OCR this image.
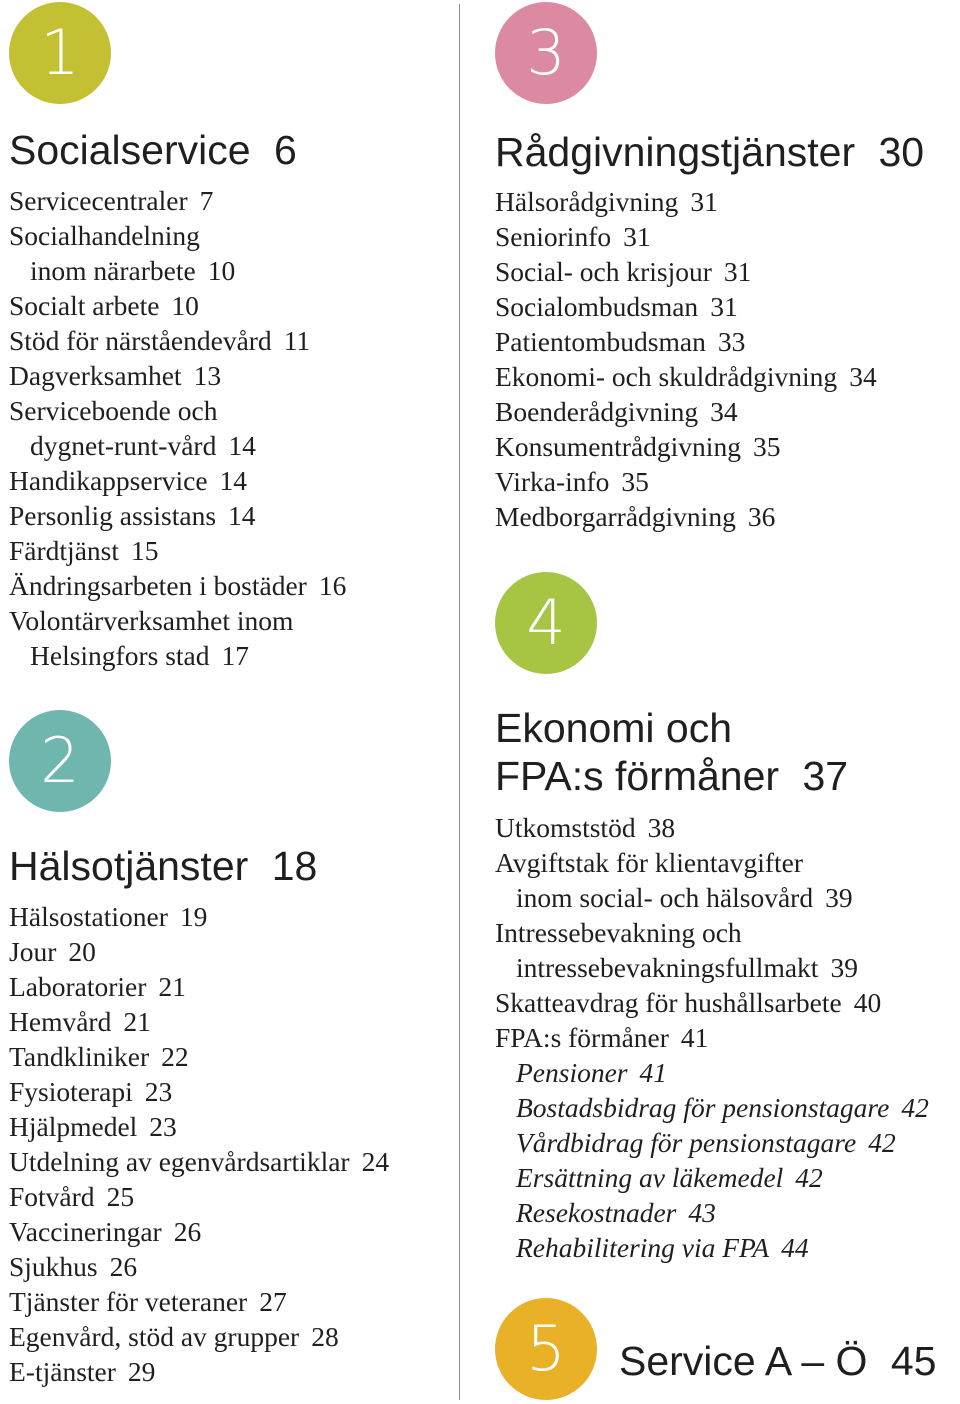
1
Socialservice 6
Servicecentraler 7
Socialhandelning
inom närarbete 10
Socialt arbete 10
Stöd för närståendevård 11
Dagverksamhet 13
Serviceboende och
dygnet-runt-vård 14
Handikappservice 14
Personlig assistans 14
Färdtjänst 15
Ändringsarbeten i bostäder 16
Volontärverksamhet inom
Helsingfors stad 17
2
Hälsotjänster 18
Hälsostationer 19
Jour 20
Laboratorier 21
Hemvård 21
Tandkliniker 22
Fysioterapi 23
Hjälpmedel 23
Utdelning av egenvårdsartiklar 24
Fotvård 25
Vaccineringar 26
Sjukhus 26
Tjänster för veteraner 27
Egenvård, stöd av grupper 28
E-tjänster 29
3
Rådgivningstjänster 30
Hälsorådgivning 31
Seniorinfo 31
Social- och krisjour 31
Socialombudsman 31
Patientombudsman 33
Ekonomi- och skuldrådgivning 34
Boenderådgivning 34
Konsumentrådgivning 35
Virka-info 35
Medborgarrådgivning 36
4
Ekonomi och
FPA:s förmåner 37
Utkomststöd 38
Avgiftstak för klientavgifter
inom social- och hälsovård 39
Intressebevakning och
intressebevakningsfullmakt 39
Skatteavdrag för hushållsarbete 40
FPA:s förmåner 41
Pensioner 41
Bostadsbidrag för pensionstagare 42
Vårdbidrag för pensionstagare 42
Ersättning av läkemedel 42
Resekostnader 43
Rehabilitering via FPA 44
5	Service A – Ö 45
